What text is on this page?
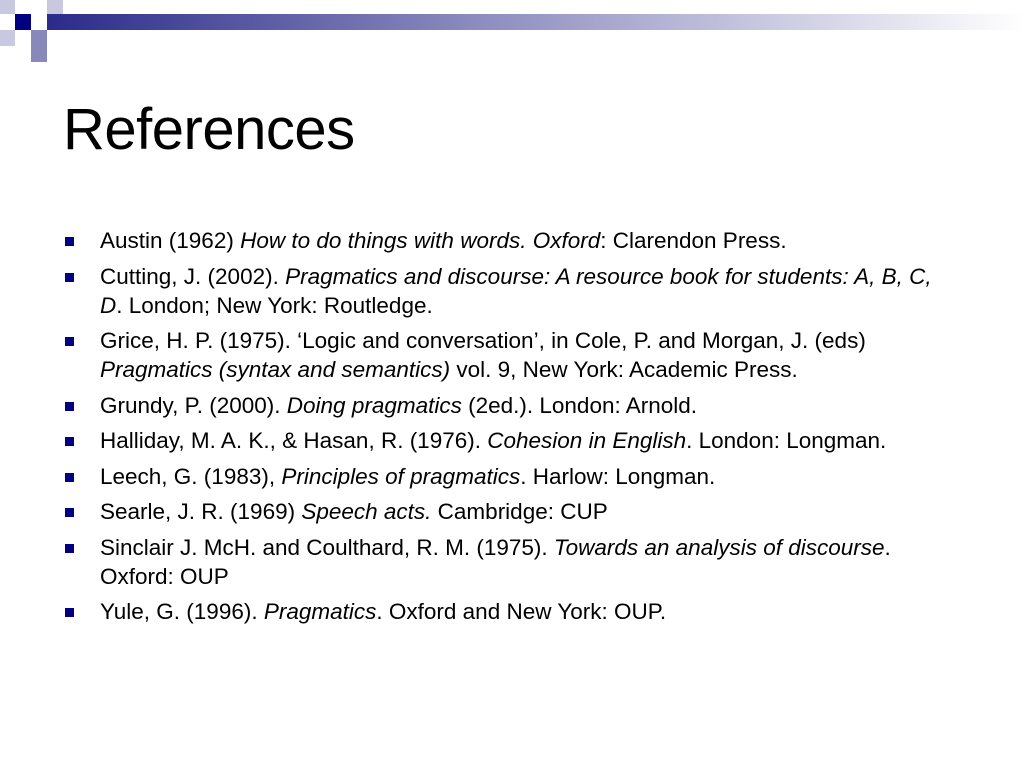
References
Austin (1962) How to do things with words. Oxford: Clarendon Press.
Cutting, J. (2002). Pragmatics and discourse: A resource book for students: A, B, C, D. London; New York: Routledge.
Grice, H. P. (1975). ‘Logic and conversation’, in Cole, P. and Morgan, J. (eds) Pragmatics (syntax and semantics) vol. 9, New York: Academic Press.
Grundy, P. (2000). Doing pragmatics (2ed.). London: Arnold.
Halliday, M. A. K., & Hasan, R. (1976). Cohesion in English. London: Longman.
Leech, G. (1983), Principles of pragmatics. Harlow: Longman.
Searle, J. R. (1969) Speech acts. Cambridge: CUP
Sinclair J. McH. and Coulthard, R. M. (1975). Towards an analysis of discourse. Oxford: OUP
Yule, G. (1996). Pragmatics. Oxford and New York: OUP.
